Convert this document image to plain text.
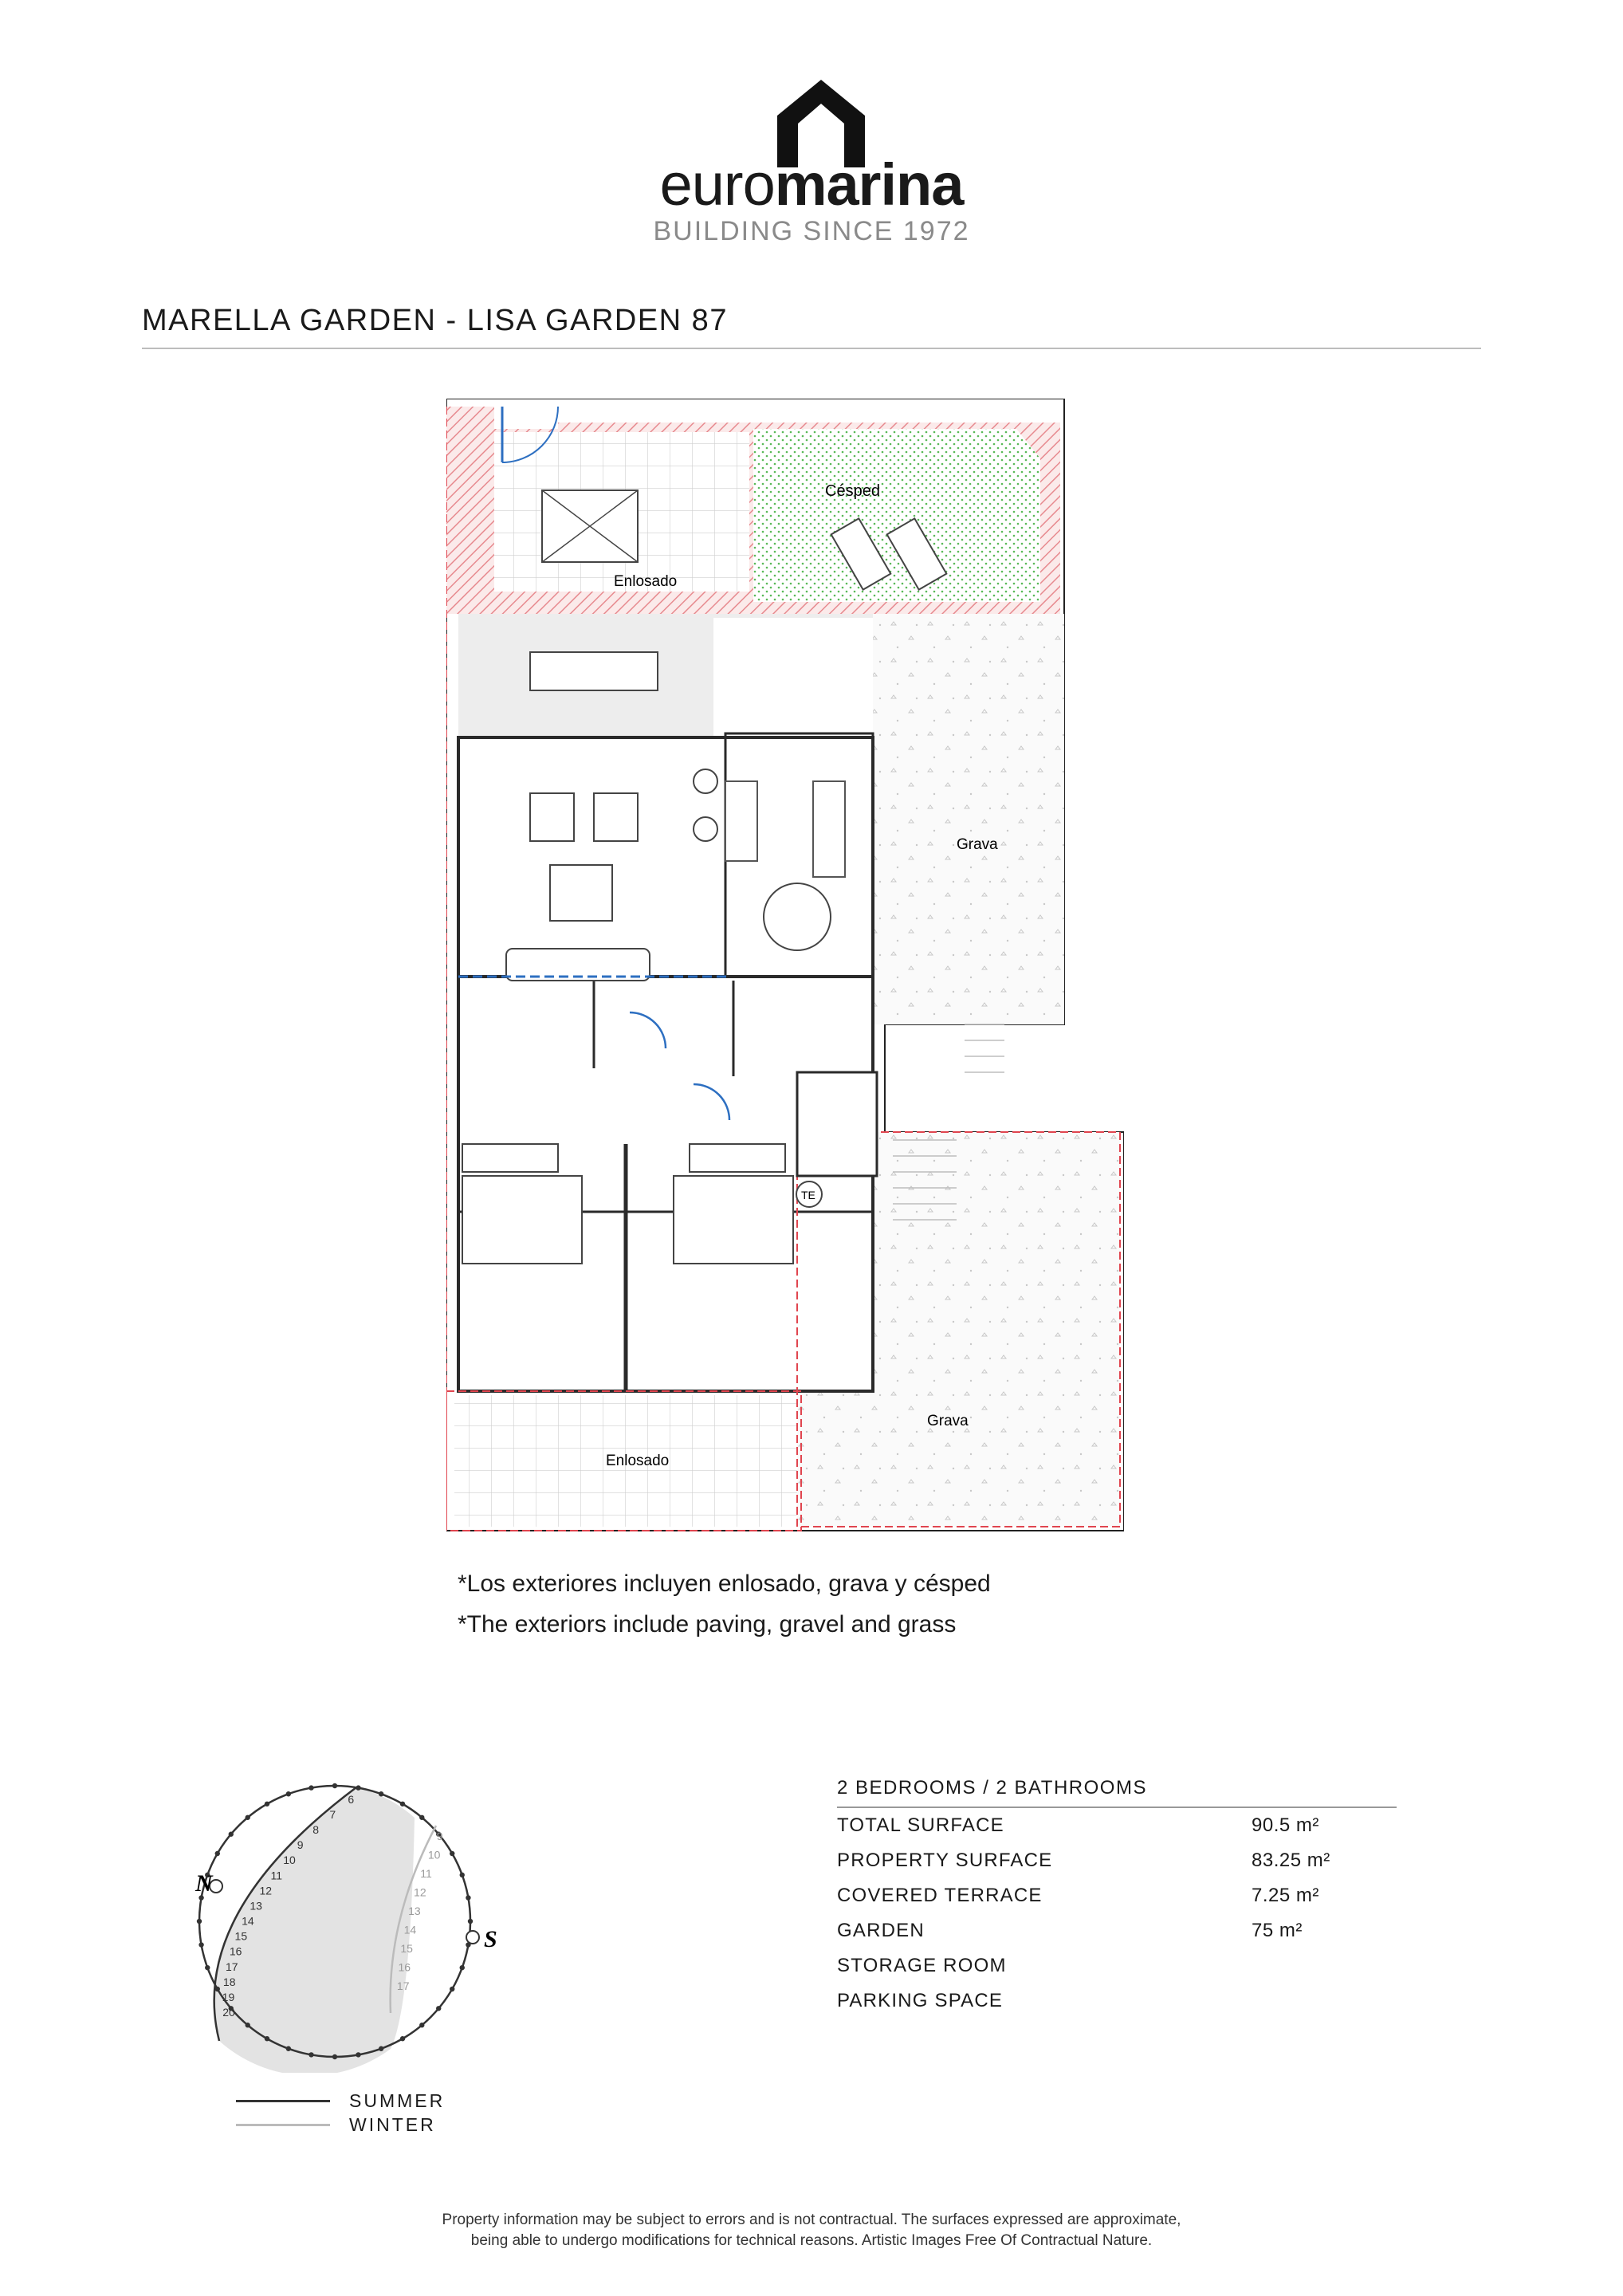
euromarina
BUILDING SINCE 1972
MARELLA GARDEN - LISA GARDEN 87
Césped
Enlosado
Grava
Grava
Enlosado
TE
*Los exteriores incluyen enlosado, grava y césped
*The exteriors include paving, gravel and grass
6
7
8
9
10
11
12
13
14
15
16
17
18
19
20
9
10
11
12
13
14
15
16
17
N
S
SUMMER
WINTER
2 BEDROOMS / 2 BATHROOMS
TOTAL SURFACE	90.5 m²
PROPERTY SURFACE	83.25 m²
COVERED TERRACE	7.25 m²
GARDEN	75 m²
STORAGE ROOM
PARKING SPACE
Property information may be subject to errors and is not contractual. The surfaces expressed are approximate,
being able to undergo modifications for technical reasons. Artistic Images Free Of Contractual Nature.
